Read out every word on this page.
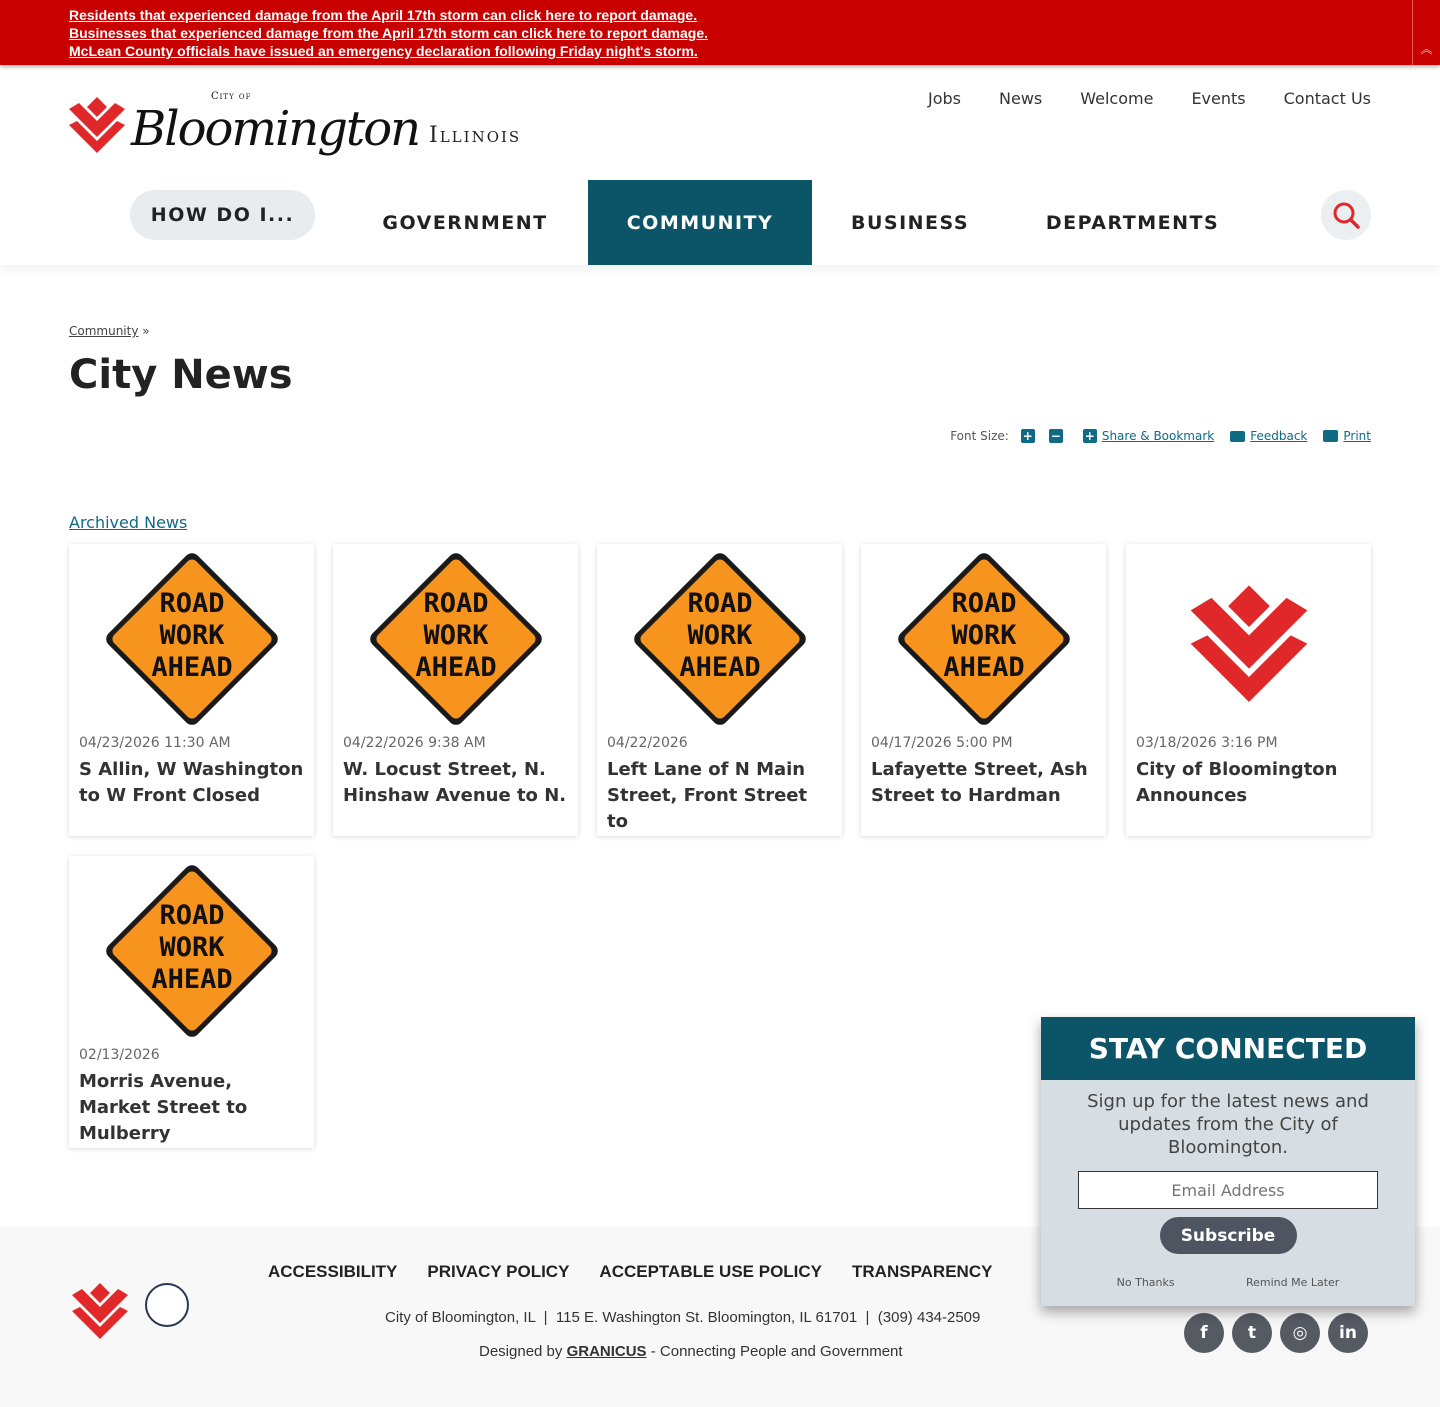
Residents that experienced damage from the April 17th storm can click here to report damage.
Businesses that experienced damage from the April 17th storm can click here to report damage.
McLean County officials have issued an emergency declaration following Friday night's storm.	︽
City of
Bloomington Illinois
Jobs News Welcome Events Contact Us
HOW DO I...	GOVERNMENT	COMMUNITY	BUSINESS	DEPARTMENTS
Community »
City News
Font Size: + − + Share & Bookmark	Feedback	Print
Archived News
ROAD
WORK
AHEAD
04/23/2026 11:30 AM
S Allin, W Washington to W Front Closed
ROAD
WORK
AHEAD
04/22/2026 9:38 AM
W. Locust Street, N. Hinshaw Avenue to N.
ROAD
WORK
AHEAD
04/22/2026
Left Lane of N Main Street, Front Street to
ROAD
WORK
AHEAD
04/17/2026 5:00 PM
Lafayette Street, Ash Street to Hardman
03/18/2026 3:16 PM
City of Bloomington Announces
ROAD
WORK
AHEAD
02/13/2026
Morris Avenue, Market Street to Mulberry
ACCESSIBILITY PRIVACY POLICY ACCEPTABLE USE POLICY TRANSPARENCY
City of Bloomington, IL  |  115 E. Washington St. Bloomington, IL 61701  |  (309) 434-2509
Designed by GRANICUS - Connecting People and Government
f	t	◎	in
STAY CONNECTED
Sign up for the latest news and updates from the City of Bloomington.
Email Address
Subscribe
No Thanks	Remind Me Later
